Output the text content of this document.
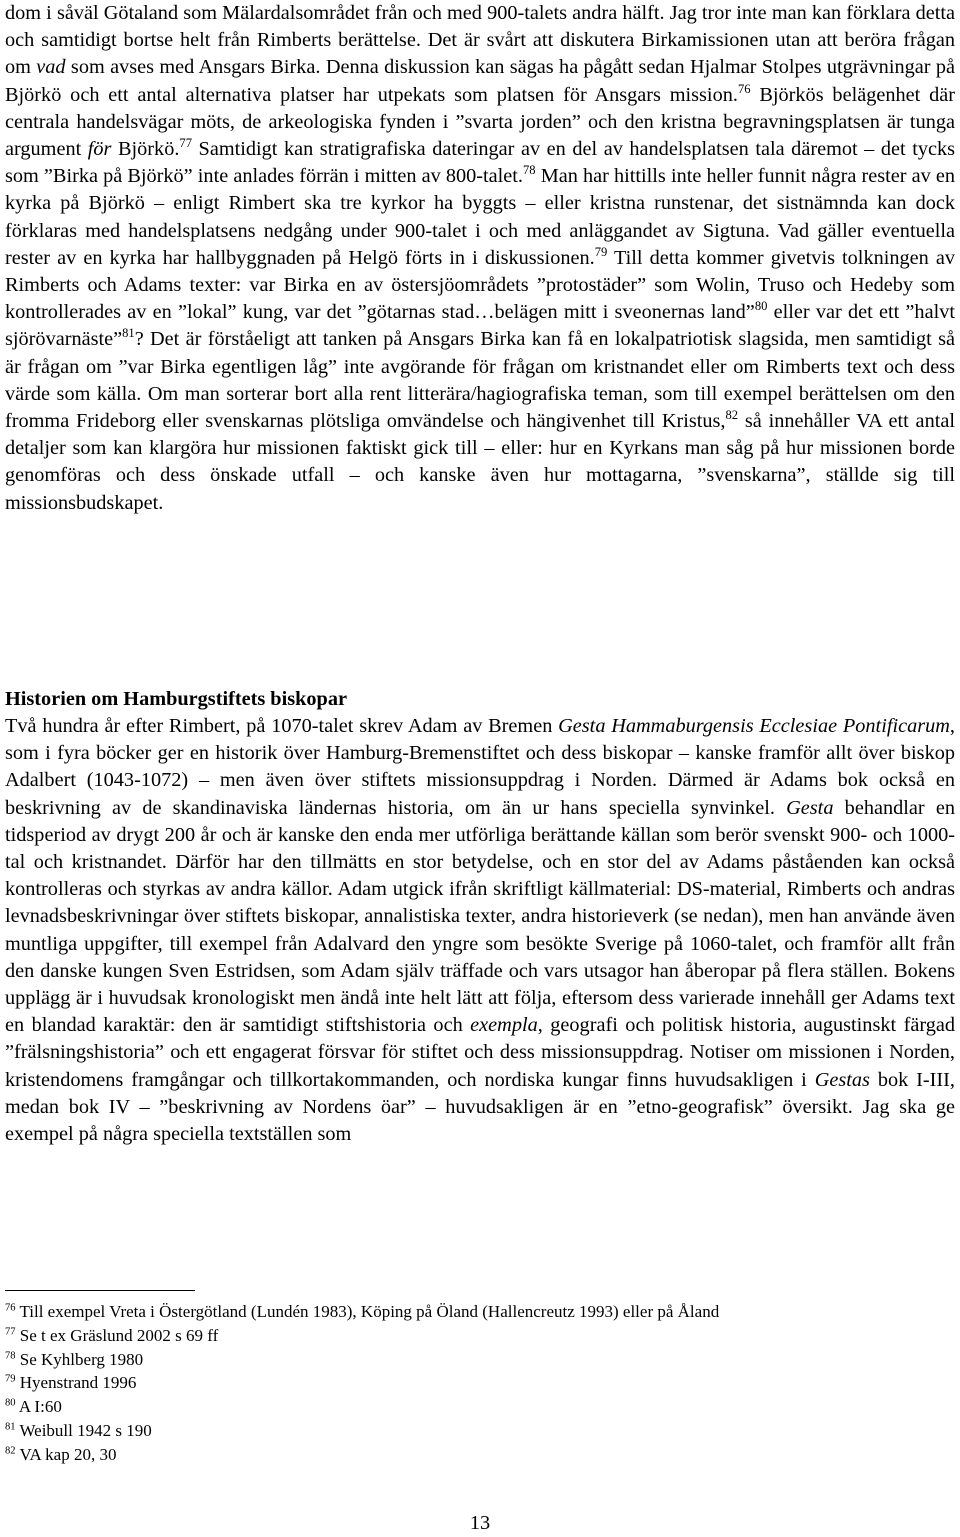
dom i såväl Götaland som Mälardalsområdet från och med 900-talets andra hälft. Jag tror inte man kan förklara detta och samtidigt bortse helt från Rimberts berättelse. Det är svårt att diskutera Birkamissionen utan att beröra frågan om vad som avses med Ansgars Birka. Denna diskussion kan sägas ha pågått sedan Hjalmar Stolpes utgrävningar på Björkö och ett antal alternativa platser har utpekats som platsen för Ansgars mission.$^{76}$ Björkös belägenhet där centrala handelsvägar möts, de arkeologiska fynden i ”svarta jorden” och den kristna begravningsplatsen är tunga argument för Björkö.$^{77}$ Samtidigt kan stratigrafiska dateringar av en del av handelsplatsen tala däremot – det tycks som ”Birka på Björkö” inte anlades förrän i mitten av 800-talet.$^{78}$ Man har hittills inte heller funnit några rester av en kyrka på Björkö – enligt Rimbert ska tre kyrkor ha byggts – eller kristna runstenar, det sistnämnda kan dock förklaras med handelsplatsens nedgång under 900-talet i och med anläggandet av Sigtuna. Vad gäller eventuella rester av en kyrka har hallbyggnaden på Helgö förts in i diskussionen.$^{79}$ Till detta kommer givetvis tolkningen av Rimberts och Adams texter: var Birka en av östersjöområdets ”protostäder” som Wolin, Truso och Hedeby som kontrollerades av en ”lokal” kung, var det ”götarnas stad…belägen mitt i sveonernas land”$^{80}$ eller var det ett ”halvt sjörövarnäste”$^{81}$? Det är förståeligt att tanken på Ansgars Birka kan få en lokalpatriotisk slagsida, men samtidigt så är frågan om ”var Birka egentligen låg” inte avgörande för frågan om kristnandet eller om Rimberts text och dess värde som källa. Om man sorterar bort alla rent litterära/hagiografiska teman, som till exempel berättelsen om den fromma Frideborg eller svenskarnas plötsliga omvändelse och hängivenhet till Kristus,$^{82}$ så innehåller VA ett antal detaljer som kan klargöra hur missionen faktiskt gick till – eller: hur en Kyrkans man såg på hur missionen borde genomföras och dess önskade utfall – och kanske även hur mottagarna, ”svenskarna”, ställde sig till missionsbudskapet.
Historien om Hamburgstiftets biskopar
Två hundra år efter Rimbert, på 1070-talet skrev Adam av Bremen Gesta Hammaburgensis Ecclesiae Pontificarum, som i fyra böcker ger en historik över Hamburg-Bremenstiftet och dess biskopar – kanske framför allt över biskop Adalbert (1043-1072) – men även över stiftets missionsuppdrag i Norden. Därmed är Adams bok också en beskrivning av de skandinaviska ländernas historia, om än ur hans speciella synvinkel. Gesta behandlar en tidsperiod av drygt 200 år och är kanske den enda mer utförliga berättande källan som berör svenskt 900- och 1000-tal och kristnandet. Därför har den tillmätts en stor betydelse, och en stor del av Adams påståenden kan också kontrolleras och styrkas av andra källor. Adam utgick ifrån skriftligt källmaterial: DS-material, Rimberts och andras levnadsbeskrivningar över stiftets biskopar, annalistiska texter, andra historieverk (se nedan), men han använde även muntliga uppgifter, till exempel från Adalvard den yngre som besökte Sverige på 1060-talet, och framför allt från den danske kungen Sven Estridsen, som Adam själv träffade och vars utsagor han åberopar på flera ställen. Bokens upplägg är i huvudsak kronologiskt men ändå inte helt lätt att följa, eftersom dess varierade innehåll ger Adams text en blandad karaktär: den är samtidigt stiftshistoria och exempla, geografi och politisk historia, augustinskt färgad ”frälsningshistoria” och ett engagerat försvar för stiftet och dess missionsuppdrag. Notiser om missionen i Norden, kristendomens framgångar och tillkortakommanden, och nordiska kungar finns huvudsakligen i Gestas bok I-III, medan bok IV – ”beskrivning av Nordens öar” – huvudsakligen är en ”etno-geografisk” översikt. Jag ska ge exempel på några speciella textställen som
$^{76}$ Till exempel Vreta i Östergötland (Lundén 1983), Köping på Öland (Hallencreutz 1993) eller på Åland
$^{77}$ Se t ex Gräslund 2002 s 69 ff
$^{78}$ Se Kyhlberg 1980
$^{79}$ Hyenstrand 1996
$^{80}$ A I:60
$^{81}$ Weibull 1942 s 190
$^{82}$ VA kap 20, 30
13
